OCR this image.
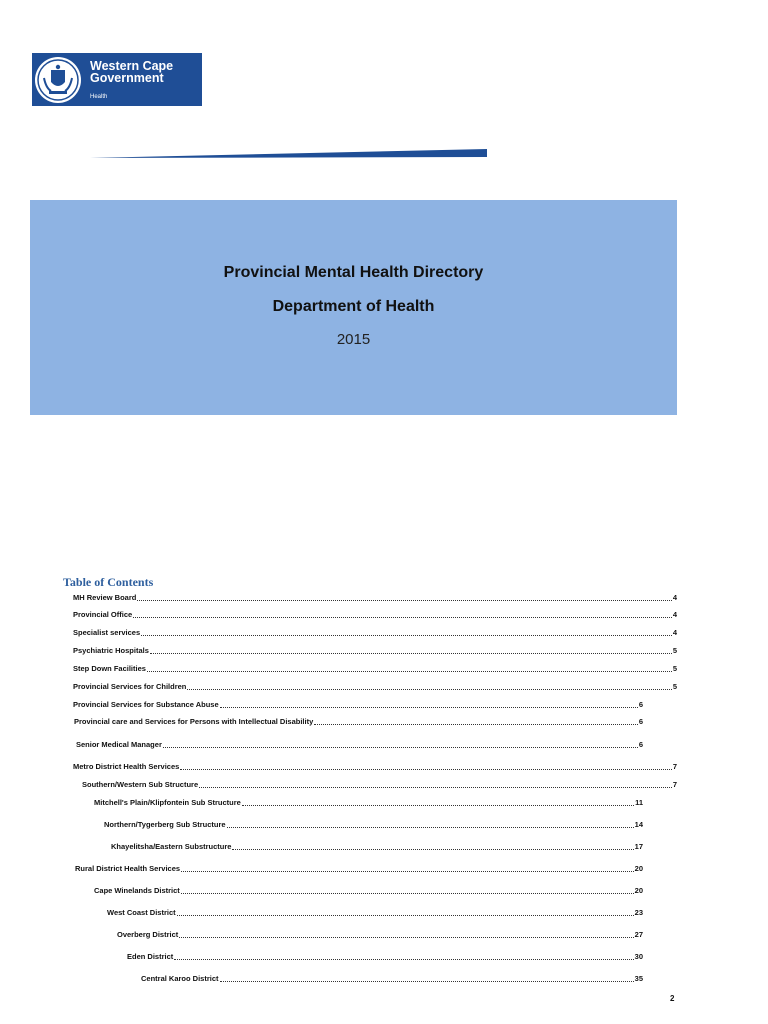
Western Cape
Government
Health
Provincial Mental Health Directory
Department of Health
2015
Table of Contents
MH Review Board	4
Provincial Office	4
Specialist services	4
Psychiatric Hospitals	5
Step Down Facilities	5
Provincial Services for Children	5
Provincial Services for Substance Abuse	6
Provincial care and Services for Persons with Intellectual Disability	6
Senior Medical Manager	6
Metro District Health Services	7
Southern/Western Sub Structure	7
Mitchell's Plain/Klipfontein Sub Structure	11
Northern/Tygerberg Sub Structure	14
Khayelitsha/Eastern Substructure	17
Rural District Health Services	20
Cape Winelands District	20
West Coast District	23
Overberg District	27
Eden District	30
Central Karoo District	35
2
